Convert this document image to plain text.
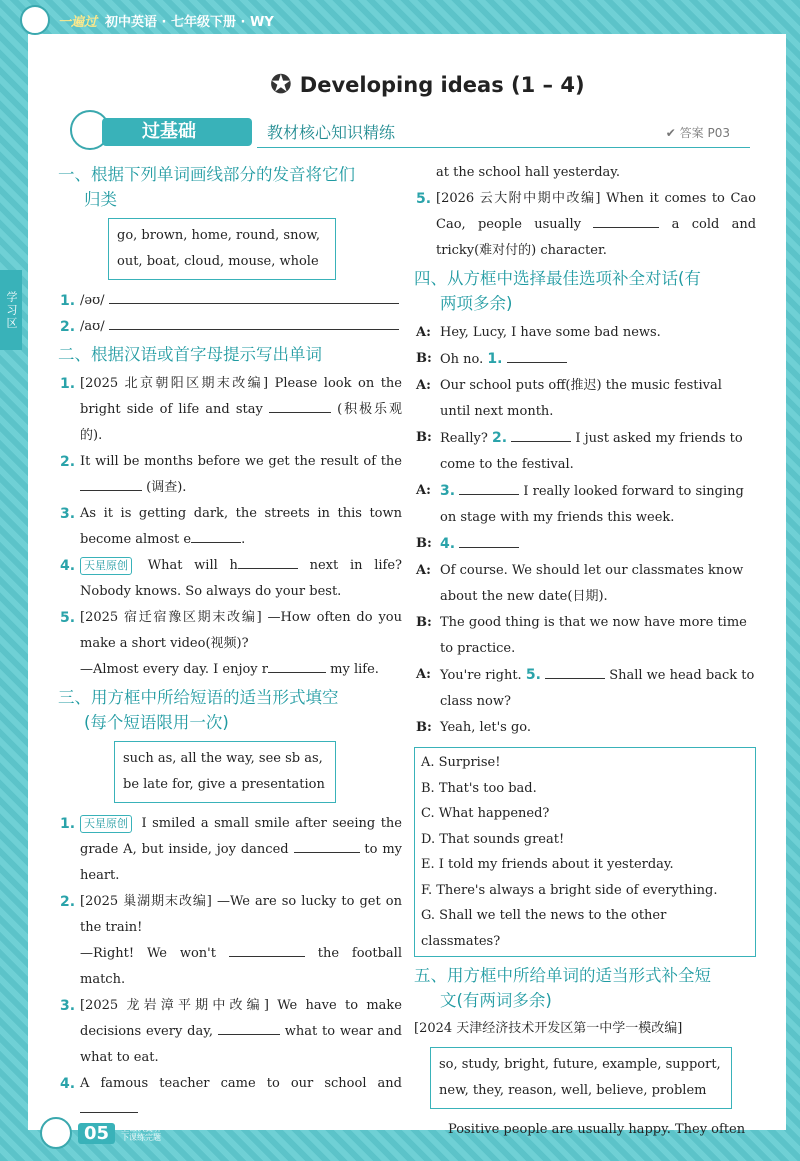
一遍过 初中英语 · 七年级下册 · WY
✪ Developing ideas (1 – 4)
过基础	教材核心知识精练	✔ 答案 P03
学习区
一、根据下列单词画线部分的发音将它们
归类
go, brown, home, round, snow,
out, boat, cloud, mouse, whole
1. /əʊ/
2. /aʊ/
二、根据汉语或首字母提示写出单词
1. [2025 北京朝阳区期末改编] Please look on the bright side of life and stay	(积极乐观的).
2. It will be months before we get the result of the  (调查).
3. As it is getting dark, the streets in this town become almost e	.
4. 天星原创 What will h	next in life? Nobody knows. So always do your best.
5. [2025 宿迁宿豫区期末改编] —How often do you make a short video(视频)?
—Almost every day. I enjoy r	my life.
三、用方框中所给短语的适当形式填空
(每个短语限用一次)
such as, all the way, see sb as,
be late for, give a presentation
1. 天星原创 I smiled a small smile after seeing the grade A, but inside, joy danced	to my heart.
2. [2025 巢湖期末改编] —We are so lucky to get on the train!
—Right! We won't	the football match.
3. [2025 龙岩漳平期中改编] We have to make decisions every day,	what to wear and what to eat.
4. A famous teacher came to our school and
at the school hall yesterday.
5. [2026 云大附中期中改编] When it comes to Cao Cao, people usually	a cold and tricky(难对付的) character.
四、从方框中选择最佳选项补全对话(有
两项多余)
A: Hey, Lucy, I have some bad news.
B: Oh no. 1.
A: Our school puts off(推迟) the music festival until next month.
B: Really? 2.	I just asked my friends to come to the festival.
A: 3.	I really looked forward to singing on stage with my friends this week.
B: 4.
A: Of course. We should let our classmates know about the new date(日期).
B: The good thing is that we now have more time to practice.
A: You're right. 5.	Shall we head back to class now?
B: Yeah, let's go.
A. Surprise!
B. That's too bad.
C. What happened?
D. That sounds great!
E. I told my friends about it yesterday.
F. There's always a bright side of everything.
G. Shall we tell the news to the other classmates?
五、用方框中所给单词的适当形式补全短
文(有两词多余)
[2024 天津经济技术开发区第一中学一模改编]
so, study, bright, future, example, support,
new, they, reason, well, believe, problem
Positive people are usually happy. They often
05	上课认真听
下课练完题
